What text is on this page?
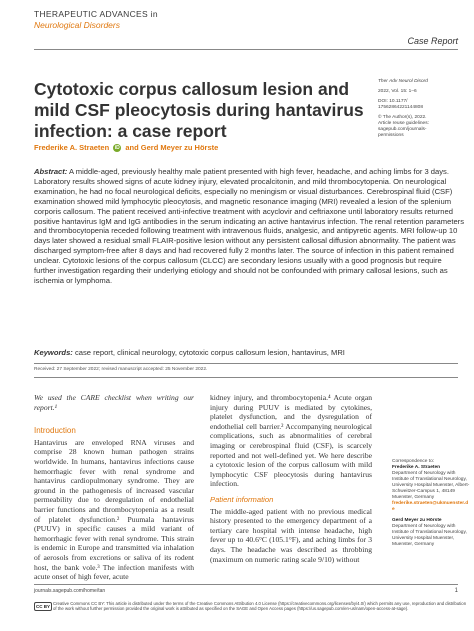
THERAPEUTIC ADVANCES in
Neurological Disorders
Case Report
Ther Adv Neurol Disord
2022, Vol. 15: 1–6
DOI: 10.1177/
17562864221144808
© The Author(s), 2022.
Article reuse guidelines:
sagepub.com/journals-
permissions
Cytotoxic corpus callosum lesion and mild CSF pleocytosis during hantavirus infection: a case report
Frederike A. Straeten iD and Gerd Meyer zu Hörste
Abstract: A middle-aged, previously healthy male patient presented with high fever, headache, and aching limbs for 3 days. Laboratory results showed signs of acute kidney injury, elevated procalcitonin, and mild thrombocytopenia. On neurological examination, he had no focal neurological deficits, especially no meningism or visual disturbances. Cerebrospinal fluid (CSF) examination showed mild lymphocytic pleocytosis, and magnetic resonance imaging (MRI) revealed a lesion of the splenium corporis callosum. The patient received anti-infective treatment with acyclovir and ceftriaxone until laboratory results returned positive hantavirus IgM and IgG antibodies in the serum indicating an active hantavirus infection. The renal retention parameters and thrombocytopenia receded following treatment with intravenous fluids, analgesic, and antipyretic agents. MRI follow-up 10 days later showed a residual small FLAIR-positive lesion without any persistent callosal diffusion abnormality. The patient was discharged symptom-free after 8 days and had recovered fully 2 months later. The source of infection in this patient remained unclear. Cytotoxic lesions of the corpus callosum (CLCC) are secondary lesions usually with a good prognosis but require further investigation regarding their underlying etiology and should not be confounded with primary callosal lesions, such as ischemia or lymphoma.
Keywords: case report, clinical neurology, cytotoxic corpus callosum lesion, hantavirus, MRI
Received: 27 September 2022; revised manuscript accepted: 25 November 2022.

We used the CARE checklist when writing our report.¹

Introduction

Hantavirus are enveloped RNA viruses and comprise 28 known human pathogen strains worldwide. In humans, hantavirus infections cause hemorrhagic fever with renal syndrome and hantavirus cardiopulmonary syndrome. They are ground in the pathogenesis of increased vascular permeability due to deregulation of endothelial barrier functions and thrombocytopenia as a result of platelet dysfunction.² Puumala hantavirus (PUUV) in specific causes a mild variant of hemorrhagic fever with renal syndrome. This strain is endemic in Europe and transmitted via inhalation of aerosols from excretions or saliva of its rodent host, the bank vole.³ The infection manifests with acute onset of high fever, acute

kidney injury, and thrombocytopenia.⁴ Acute organ injury during PUUV is mediated by cytokines, platelet dysfunction, and the dysregulation of endothelial cell barrier.² Accompanying neurological complications, such as abnormalities of cerebral imaging or cerebrospinal fluid (CSF), is scarcely reported and not well-defined yet. We here describe a cytotoxic lesion of the corpus callosum with mild lymphocytic CSF pleocytosis during hantavirus infection.

Patient information

The middle-aged patient with no previous medical history presented to the emergency department of a tertiary care hospital with intense headache, high fever up to 40.6°C (105.1°F), and aching limbs for 3 days. The headache was described as throbbing (maximum on numeric rating scale 9/10) without

Correspondence to:
Frederike A. Straeten
Department of Neurology with Institute of Translational Neurology, University Hospital Muenster, Albert-Schweitzer-Campus 1, 48149 Muenster, Germany
frederike.straeten@ukmuenster.de
Gerd Meyer zu Hörste
Department of Neurology with Institute of Translational Neurology, University Hospital Muenster, Muenster, Germany
journals.sagepub.com/home/tan	1
CC BY
Creative Commons CC BY: This article is distributed under the terms of the Creative Commons Attribution 4.0 License (https://creativecommons.org/licenses/by/4.0/) which permits any use, reproduction and distribution of the work without further permission provided the original work is attributed as specified on the SAGE and Open Access pages (https://us.sagepub.com/en-us/nam/open-access-at-sage).
